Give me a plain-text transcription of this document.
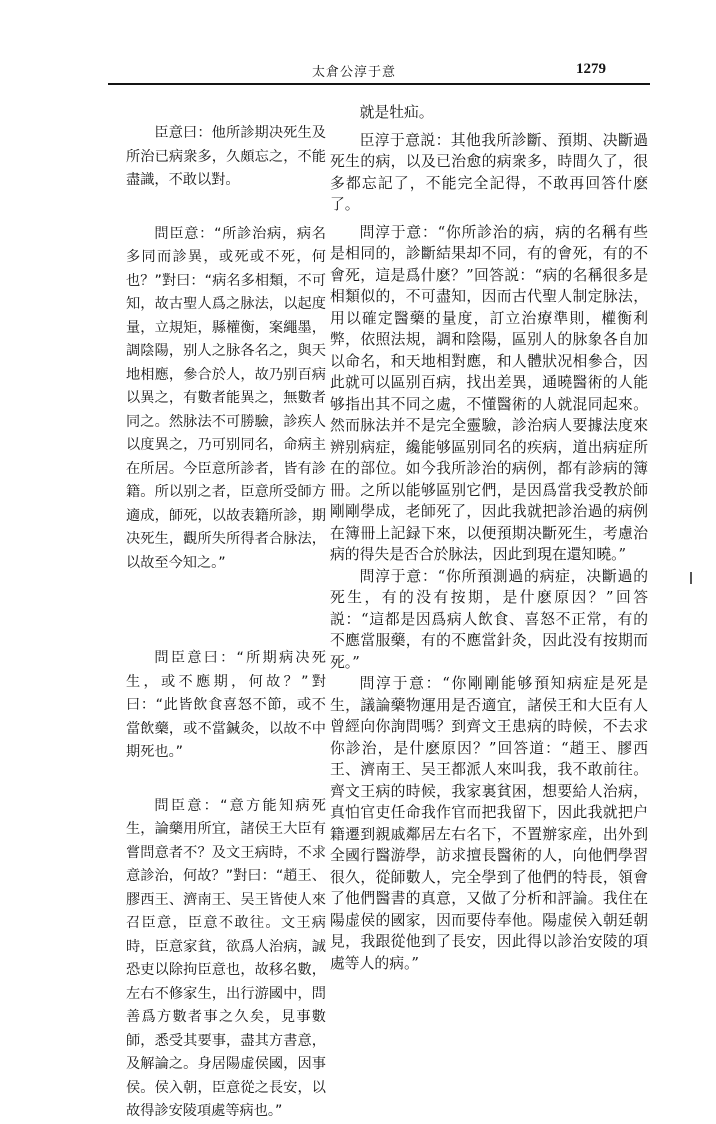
太倉公淳于意	1279

臣意曰：他所診期决死生及所治已病衆多，久頗忘之，不能盡識，不敢以對。

問臣意：“所診治病，病名多同而診異，或死或不死，何也？”對曰：“病名多相類，不可知，故古聖人爲之脉法，以起度量，立規矩，縣權衡，案繩墨，調陰陽，别人之脉各名之，與天地相應，參合於人，故乃别百病以異之，有數者能異之，無數者同之。然脉法不可勝驗，診疾人以度異之，乃可别同名，命病主在所居。今臣意所診者，皆有診籍。所以别之者，臣意所受師方適成，師死，以故表籍所診，期决死生，觀所失所得者合脉法，以故至今知之。”

問臣意曰：“所期病决死生，或不應期，何故？”對曰：“此皆飲食喜怒不節，或不當飲藥，或不當鍼灸，以故不中期死也。”

問臣意：“意方能知病死生，論藥用所宜，諸侯王大臣有嘗問意者不？及文王病時，不求意診治，何故？”對曰：“趙王、膠西王、濟南王、吴王皆使人來召臣意，臣意不敢往。文王病時，臣意家貧，欲爲人治病，誠恐吏以除拘臣意也，故移名數，左右不修家生，出行游國中，問善爲方數者事之久矣，見事數師，悉受其要事，盡其方書意，及解論之。身居陽虚侯國，因事侯。侯入朝，臣意從之長安，以故得診安陵項處等病也。”

就是牡疝。

臣淳于意説：其他我所診斷、預期、决斷過死生的病，以及已治愈的病衆多，時間久了，很多都忘記了，不能完全記得，不敢再回答什麽了。

問淳于意：“你所診治的病，病的名稱有些是相同的，診斷結果却不同，有的會死，有的不會死，這是爲什麽？”回答説：“病的名稱很多是相類似的，不可盡知，因而古代聖人制定脉法，用以確定醫藥的量度，訂立治療準則，權衡利弊，依照法規，調和陰陽，區别人的脉象各自加以命名，和天地相對應，和人體狀况相參合，因此就可以區别百病，找出差異，通曉醫術的人能够指出其不同之處，不懂醫術的人就混同起來。然而脉法并不是完全靈驗，診治病人要據法度來辨别病症，纔能够區别同名的疾病，道出病症所在的部位。如今我所診治的病例，都有診病的簿冊。之所以能够區别它們，是因爲當我受教於師剛剛學成，老師死了，因此我就把診治過的病例在簿冊上記録下來，以便預期决斷死生，考慮治病的得失是否合於脉法，因此到現在還知曉。”

問淳于意：“你所預測過的病症，决斷過的死生，有的没有按期，是什麽原因？”回答説：“這都是因爲病人飲食、喜怒不正常，有的不應當服藥，有的不應當針灸，因此没有按期而死。”

問淳于意：“你剛剛能够預知病症是死是生，議論藥物運用是否適宜，諸侯王和大臣有人曾經向你詢問嗎？到齊文王患病的時候，不去求你診治，是什麽原因？”回答道：“趙王、膠西王、濟南王、吴王都派人來叫我，我不敢前往。齊文王病的時候，我家裏貧困，想要給人治病，真怕官吏任命我作官而把我留下，因此我就把户籍遷到親戚鄰居左右名下，不置辦家産，出外到全國行醫游學，訪求擅長醫術的人，向他們學習很久，從師數人，完全學到了他們的特長，領會了他們醫書的真意，又做了分析和評論。我住在陽虚侯的國家，因而要侍奉他。陽虚侯入朝廷朝見，我跟從他到了長安，因此得以診治安陵的項處等人的病。”
